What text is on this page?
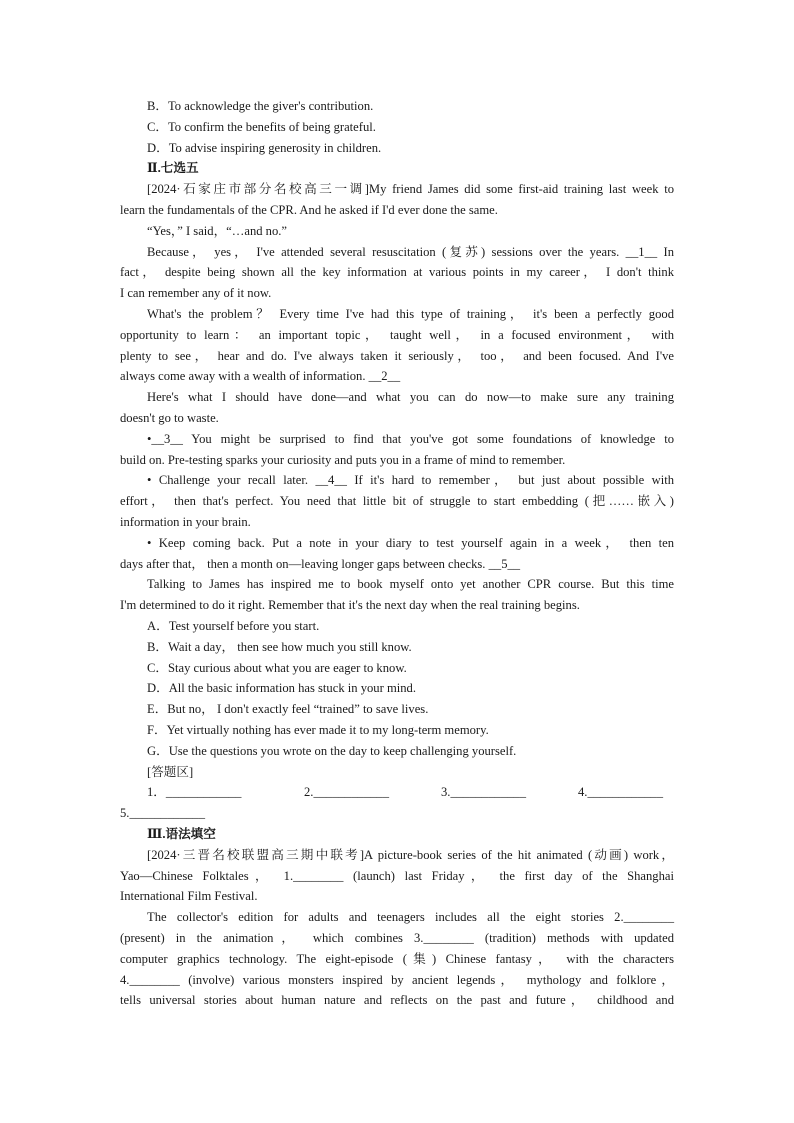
B．To acknowledge the giver's contribution.
C．To confirm the benefits of being grateful.
D．To advise inspiring generosity in children.
Ⅱ.七选五
[2024·石家庄市部分名校高三一调]My friend James did some first-aid training last week to
learn the fundamentals of the CPR. And he asked if I'd ever done the same.
“Yes，” I said，“…and no.”
Because， yes， I've attended several resuscitation (复苏) sessions over the years. __1__ In
fact， despite being shown all the key information at various points in my career， I don't think
I can remember any of it now.
What's the problem？ Every time I've had this type of training， it's been a perfectly good
opportunity to learn： an important topic， taught well， in a focused environment， with
plenty to see， hear and do. I've always taken it seriously， too， and been focused. And I've
always come away with a wealth of information. __2__
Here's what I should have done—and what you can do now—to make sure any training
doesn't go to waste.
•__3__ You might be surprised to find that you've got some foundations of knowledge to
build on. Pre-testing sparks your curiosity and puts you in a frame of mind to remember.
• Challenge your recall later. __4__ If it's hard to remember， but just about possible with
effort， then that's perfect. You need that little bit of struggle to start embedding (把……嵌入)
information in your brain.
• Keep coming back. Put a note in your diary to test yourself again in a week， then ten
days after that， then a month on—leaving longer gaps between checks. __5__
Talking to James has inspired me to book myself onto yet another CPR course. But this time
I'm determined to do it right. Remember that it's the next day when the real training begins.
A．Test yourself before you start.
B．Wait a day， then see how much you still know.
C．Stay curious about what you are eager to know.
D．All the basic information has stuck in your mind.
E．But no， I don't exactly feel “trained” to save lives.
F．Yet virtually nothing has ever made it to my long-term memory.
G．Use the questions you wrote on the day to keep challenging yourself.
[答题区]
1．____________	2.____________	3.____________	4.____________
5.____________
Ⅲ.语法填空
[2024·三晋名校联盟高三期中联考]A picture-book series of the hit animated (动画) work，
Yao—Chinese Folktales， 1.________ (launch) last Friday， the first day of the Shanghai
International Film Festival.
The collector's edition for adults and teenagers includes all the eight stories 2.________
(present) in the animation， which combines 3.________ (tradition) methods with updated
computer graphics technology. The eight-episode (集) Chinese fantasy， with the characters
4.________ (involve) various monsters inspired by ancient legends， mythology and folklore，
tells universal stories about human nature and reflects on the past and future， childhood and
